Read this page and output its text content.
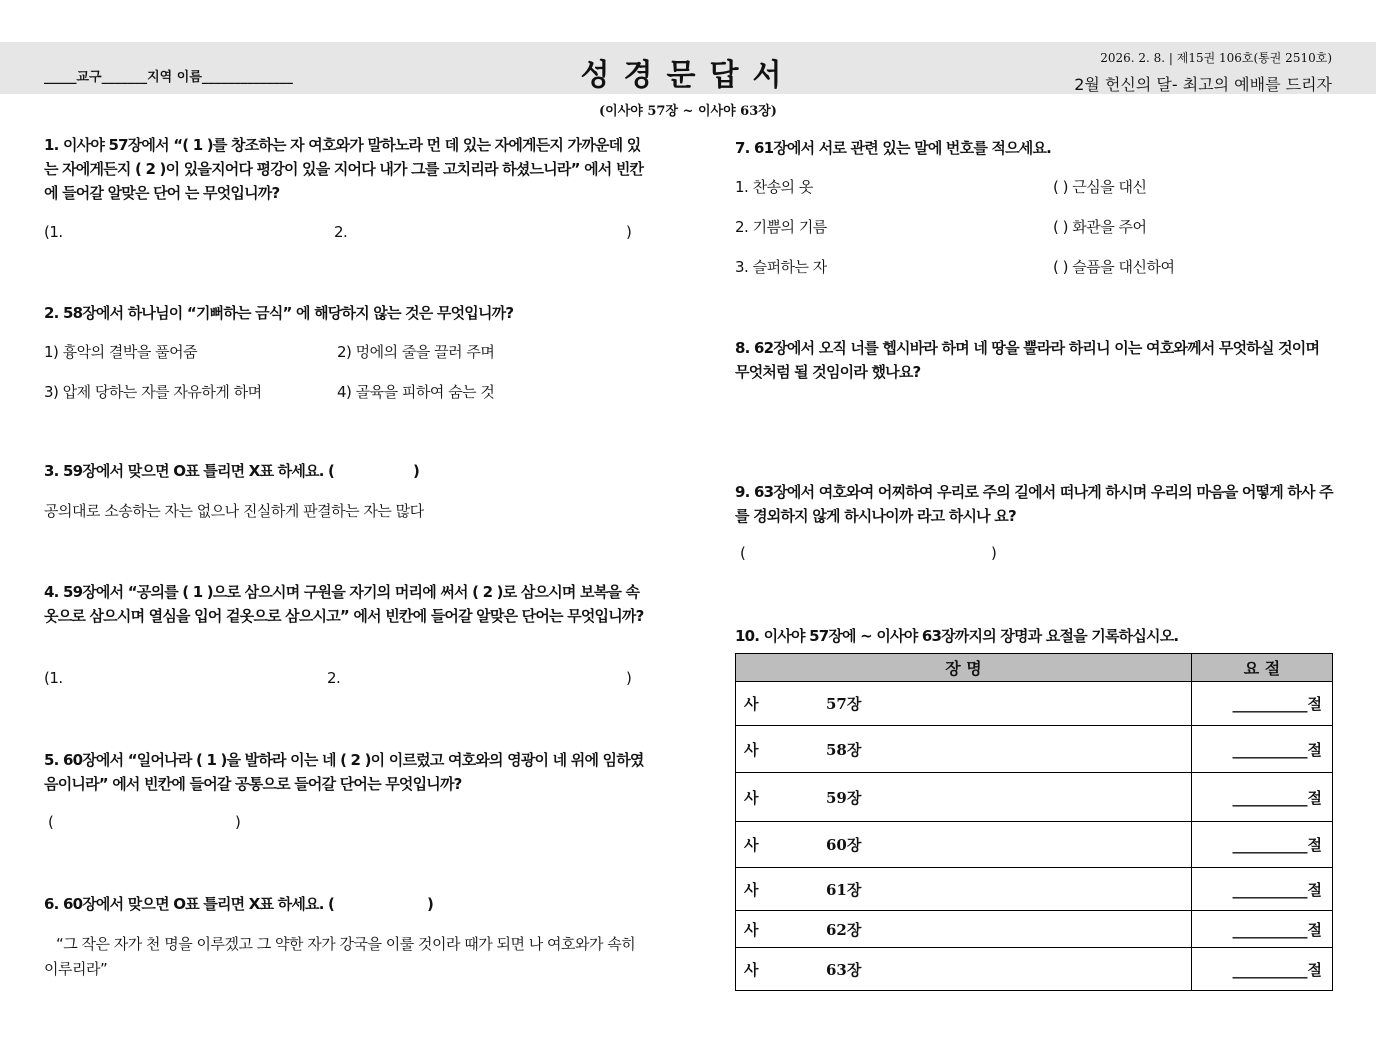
_____교구_______지역 이름______________	성경문답서	2026. 2. 8. | 제15권 106호(통권 2510호)
2월 헌신의 달- 최고의 예배를 드리자
(이사야 57장 ~ 이사야 63장)
1. 이사야 57장에서 “( 1 )를 창조하는 자 여호와가 말하노라 먼 데 있는 자에게든지 가까운데 있는 자에게든지 ( 2 )이 있을지어다 평강이 있을 지어다 내가 그를 고치리라 하셨느니라” 에서 빈칸에 들어갈 알맞은 단어 는 무엇입니까?
(1.	2.	)
2. 58장에서 하나님이 “기뻐하는 금식” 에 해당하지 않는 것은 무엇입니까?
1) 흉악의 결박을 풀어줌	2) 멍에의 줄을 끌러 주며
3) 압제 당하는 자를 자유하게 하며	4) 골육을 피하여 숨는 것
3. 59장에서 맞으면 O표 틀리면 X표 하세요. (	)
공의대로 소송하는 자는 없으나 진실하게 판결하는 자는 많다
4. 59장에서 “공의를 ( 1 )으로 삼으시며 구원을 자기의 머리에 써서 ( 2 )로 삼으시며 보복을 속옷으로 삼으시며 열심을 입어 겉옷으로 삼으시고” 에서 빈칸에 들어갈 알맞은 단어는 무엇입니까?
(1.	2.	)
5. 60장에서 “일어나라 ( 1 )을 발하라 이는 네 ( 2 )이 이르렀고 여호와의 영광이 네 위에 임하였음이니라” 에서 빈칸에 들어갈 공통으로 들어갈 단어는 무엇입니까?
(	)
6. 60장에서 맞으면 O표 틀리면 X표 하세요. (	)
“그 작은 자가 천 명을 이루겠고 그 약한 자가 강국을 이룰 것이라 때가 되면 나 여호와가 속히 이루리라”
7. 61장에서 서로 관련 있는 말에 번호를 적으세요.
1. 찬송의 옷	( ) 근심을 대신
2. 기쁨의 기름	( ) 화관을 주어
3. 슬퍼하는 자	( ) 슬픔을 대신하여
8. 62장에서 오직 너를 헵시바라 하며 네 땅을 뿔라라 하리니 이는 여호와께서 무엇하실 것이며 무엇처럼 될 것임이라 했나요?
9. 63장에서 여호와여 어찌하여 우리로 주의 길에서 떠나게 하시며 우리의 마음을 어떻게 하사 주를 경외하지 않게 하시나이까 라고 하시나 요?
(	)
10. 이사야 57장에 ~ 이사야 63장까지의 장명과 요절을 기록하십시오.
장 명	요 절
사 57장	__________절
사 58장	__________절
사 59장	__________절
사 60장	__________절
사 61장	__________절
사 62장	__________절
사 63장	__________절
